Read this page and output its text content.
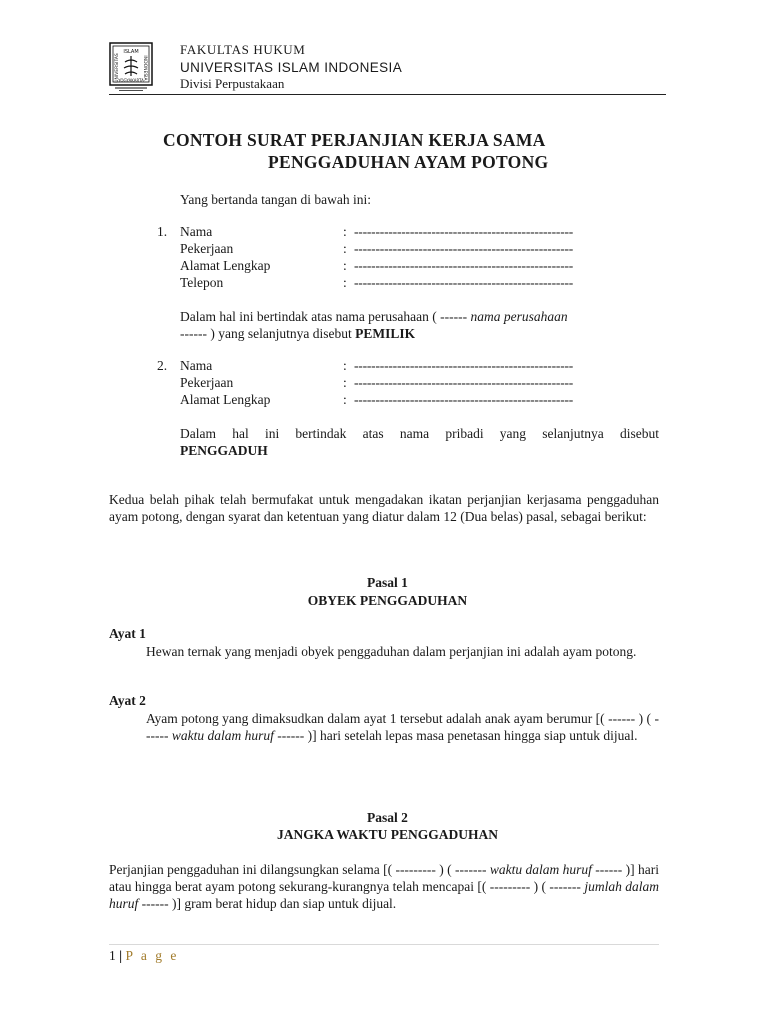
ISLAM
UNIVERSITAS	INDONESIA
YOGYAKARTA
FAKULTAS HUKUM
UNIVERSITAS ISLAM INDONESIA
Divisi Perpustakaan
CONTOH SURAT PERJANJIAN KERJA SAMA
PENGGADUHAN AYAM POTONG
Yang bertanda tangan di bawah ini:
1. Nama	: ---------------------------------------------------
Pekerjaan	: ---------------------------------------------------
Alamat Lengkap	: ---------------------------------------------------
Telepon	: ---------------------------------------------------
Dalam hal ini bertindak atas nama perusahaan ( ------ nama perusahaan
------ ) yang selanjutnya disebut PEMILIK
2. Nama	: ---------------------------------------------------
Pekerjaan	: ---------------------------------------------------
Alamat Lengkap	: ---------------------------------------------------
Dalam hal ini bertindak atas nama pribadi yang selanjutnya disebut
PENGGADUH
Kedua belah pihak telah bermufakat untuk mengadakan ikatan perjanjian kerjasama penggaduhan ayam potong, dengan syarat dan ketentuan yang diatur dalam 12 (Dua belas) pasal, sebagai berikut:
Pasal 1
OBYEK PENGGADUHAN
Ayat 1
Hewan ternak yang menjadi obyek penggaduhan dalam perjanjian ini adalah ayam potong.
Ayat 2
Ayam potong yang dimaksudkan dalam ayat 1 tersebut adalah anak ayam berumur [( ------ ) ( ------ waktu dalam huruf ------ )] hari setelah lepas masa penetasan hingga siap untuk dijual.
Pasal 2
JANGKA WAKTU PENGGADUHAN
Perjanjian penggaduhan ini dilangsungkan selama [( --------- ) ( ------- waktu dalam huruf ------ )] hari atau hingga berat ayam potong sekurang-kurangnya telah mencapai [( --------- ) ( ------- jumlah dalam huruf ------ )] gram berat hidup dan siap untuk dijual.
1 | P a g e
